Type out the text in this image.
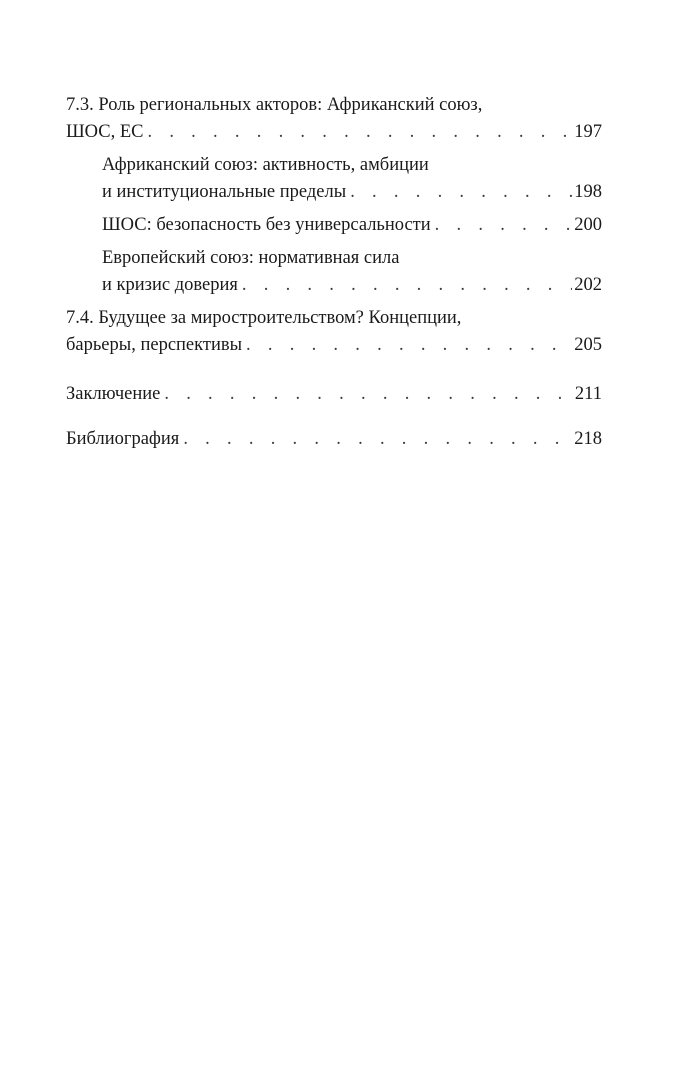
7.3. Роль региональных акторов: Африканский союз,
ШОС, ЕС . . .	197
Африканский союз: активность, амбиции
и институциональные пределы . . .	198
ШОС: безопасность без универсальности . . .	200
Европейский союз: нормативная сила
и кризис доверия . . .	202
7.4. Будущее за миростроительством? Концепции,
барьеры, перспективы . . .	205
Заключение . . .	211
Библиография . . .	218
